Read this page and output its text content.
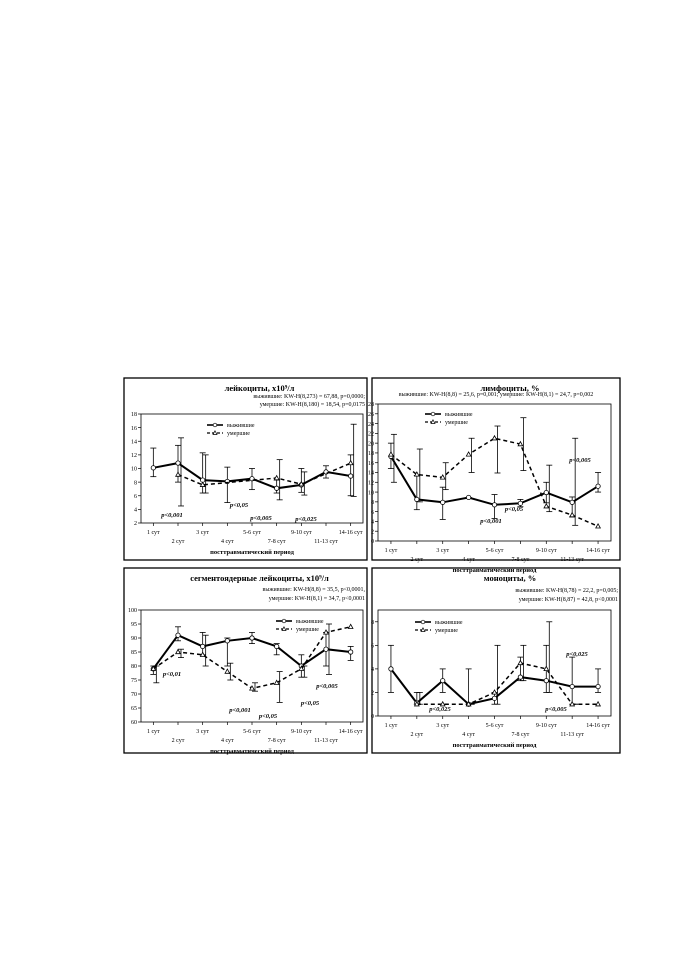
лейкоциты, х10⁹/л
выжившие: KW-H(8,273) = 67,88, p=0,0000;
умершие: KW-H(8,180) = 18,54, p=0,0175
2
4
6
8
10
12
14
16
18
1 сут
2 сут
3 сут
4 сут
5-6 сут
7-8 сут
9-10 сут
11-13 сут
14-16 сут
посттравматический период
выжившие
умершие
p<0,001
p<0,05
p<0,005	p<0,025
лимфоциты, %
выжившие: KW-H(8,8) = 25,6, p=0,001; умершие: KW-H(8,1) = 24,7, p=0,002
0
2
4
6
8
10
12
14
16
18
20
22
24
26
28
1 сут
2 сут
3 сут
4 сут
5-6 сут
7-8 сут
9-10 сут
11-13 сут
14-16 сут
посттравматический период
выжившие
умершие
p<0,005
p<0,05
p<0,001
сегментоядерные лейкоциты, х10⁹/л
выжившие: KW-H(8,8) = 35,5, p<0,0001,
умершие: KW-H(8,1) = 34,7, p<0,0001
60
65
70
75
80
85
90
95
100
1 сут
2 сут
3 сут
4 сут
5-6 сут
7-8 сут
9-10 сут
11-13 сут
14-16 сут
посттравматический период
выжившие
умершие
p<0,01
p<0,001
p<0,05
p<0,05
p<0,005
моноциты, %
выжившие: KW-H(8,78) = 22,2, p=0,005;
умершие: KW-H(8,87) = 42,8, p<0,0001
0
2
4
6
8
1 сут
2 сут
3 сут
4 сут
5-6 сут
7-8 сут
9-10 сут
11-13 сут
14-16 сут
посттравматический период
выжившие
умершие
p<0,025
p<0,025
p<0,005
